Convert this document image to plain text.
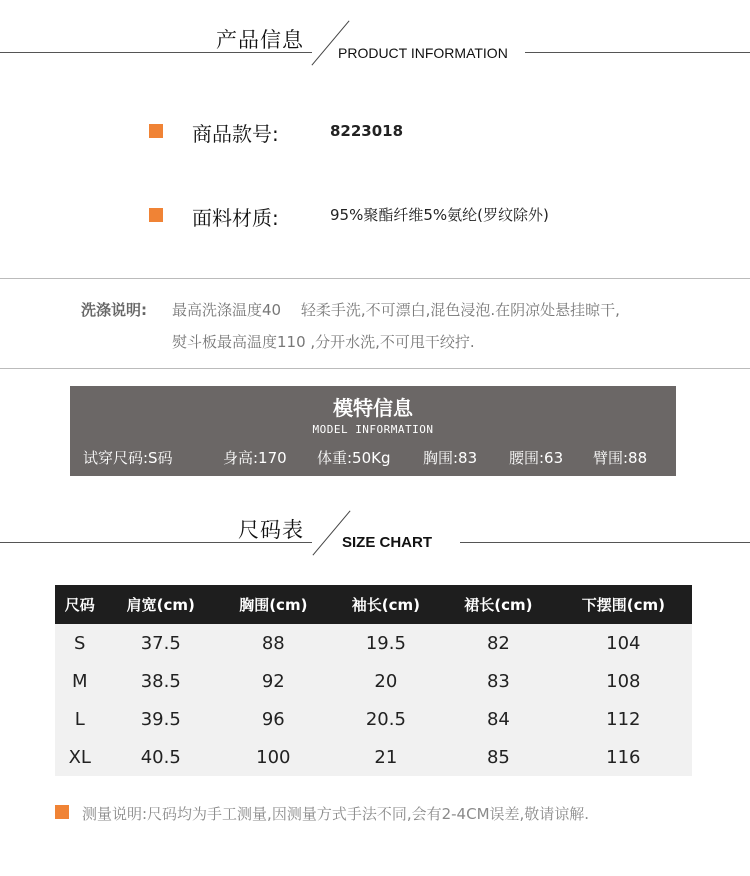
产品信息
PRODUCT INFORMATION
商品款号:	8223018
面料材质:	95%聚酯纤维5%氨纶(罗纹除外)
洗涤说明: 最高洗涤温度40　 轻柔手洗,不可漂白,混色浸泡.在阴凉处悬挂晾干,
熨斗板最高温度110 ,分开水洗,不可甩干绞拧.
模特信息
MODEL INFORMATION
试穿尺码:S码	身高:170 体重:50Kg 胸围:83 腰围:63 臂围:88
尺码表
SIZE CHART
尺码	肩宽(cm)	胸围(cm)	袖长(cm)	裙长(cm)	下摆围(cm)
S	37.5	88	19.5	82	104
M	38.5	92	20	83	108
L	39.5	96	20.5	84	112
XL	40.5	100	21	85	116
测量说明:尺码均为手工测量,因测量方式手法不同,会有2-4CM误差,敬请谅解.
